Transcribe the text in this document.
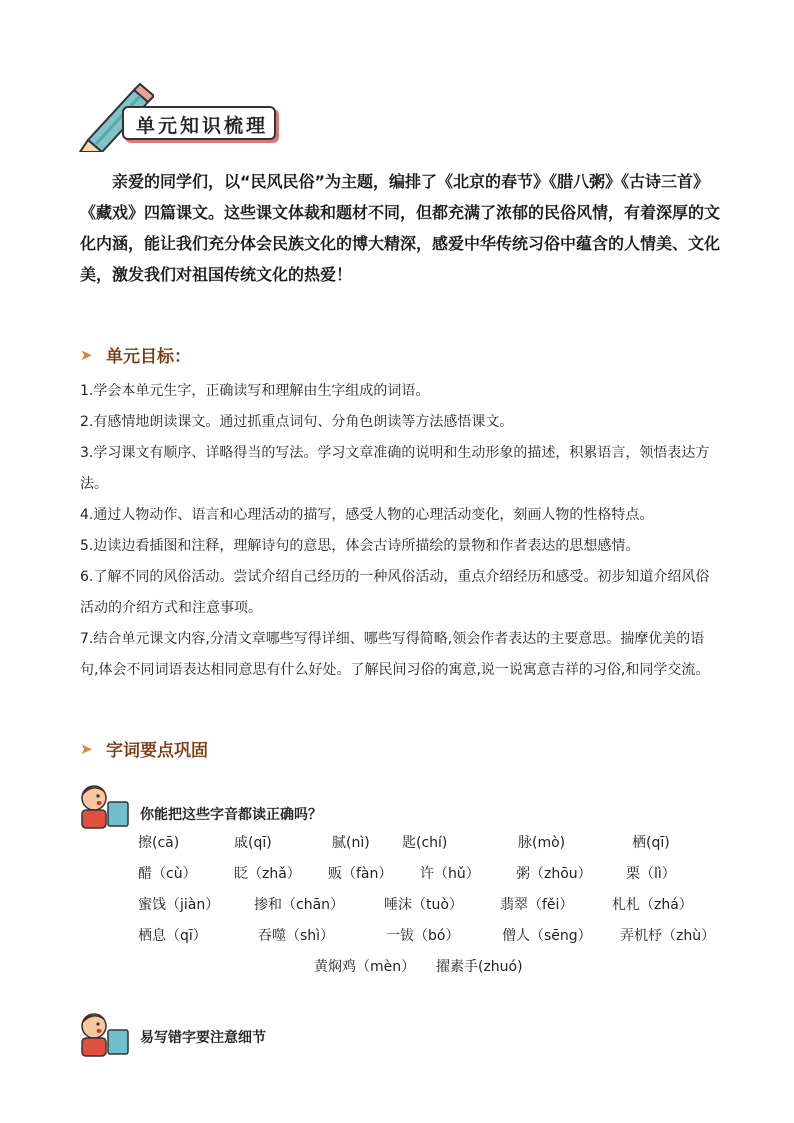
单元知识梳理
亲爱的同学们，以“民风民俗”为主题，编排了《北京的春节》《腊八粥》《古诗三首》《藏戏》四篇课文。这些课文体裁和题材不同，但都充满了浓郁的民俗风情，有着深厚的文化内涵，能让我们充分体会民族文化的博大精深，感爱中华传统习俗中蕴含的人情美、文化美，激发我们对祖国传统文化的热爱！
➤ 单元目标：
1.学会本单元生字，正确读写和理解由生字组成的词语。
2.有感情地朗读课文。通过抓重点词句、分角色朗读等方法感悟课文。
3.学习课文有顺序、详略得当的写法。学习文章准确的说明和生动形象的描述，积累语言，领悟表达方法。
4.通过人物动作、语言和心理活动的描写，感受人物的心理活动变化，刻画人物的性格特点。
5.边读边看插图和注释，理解诗句的意思，体会古诗所描绘的景物和作者表达的思想感情。
6.了解不同的风俗活动。尝试介绍自己经历的一种风俗活动，重点介绍经历和感受。初步知道介绍风俗活动的介绍方式和注意事项。
7.结合单元课文内容,分清文章哪些写得详细、哪些写得简略,领会作者表达的主要意思。揣摩优美的语句,体会不同词语表达相同意思有什么好处。了解民间习俗的寓意,说一说寓意吉祥的习俗,和同学交流。
➤ 字词要点巩固
你能把这些字音都读正确吗？
擦(cā)	戚(qī)	腻(nì) 匙(chí)	脉(mò)	栖(qī)
醋（cù）	眨（zhǎ） 贩（fàn） 许（hǔ）	粥（zhōu） 栗（lì）
蜜饯（jiàn） 掺和（chān）	唾沫（tuò）	翡翠（fěi）	札札（zhá）
栖息（qī）	吞噬（shì）	一钹（bó）	僧人（sēng） 弄机杼（zhù）
黄焖鸡（mèn） 擢素手(zhuó)
易写错字要注意细节
